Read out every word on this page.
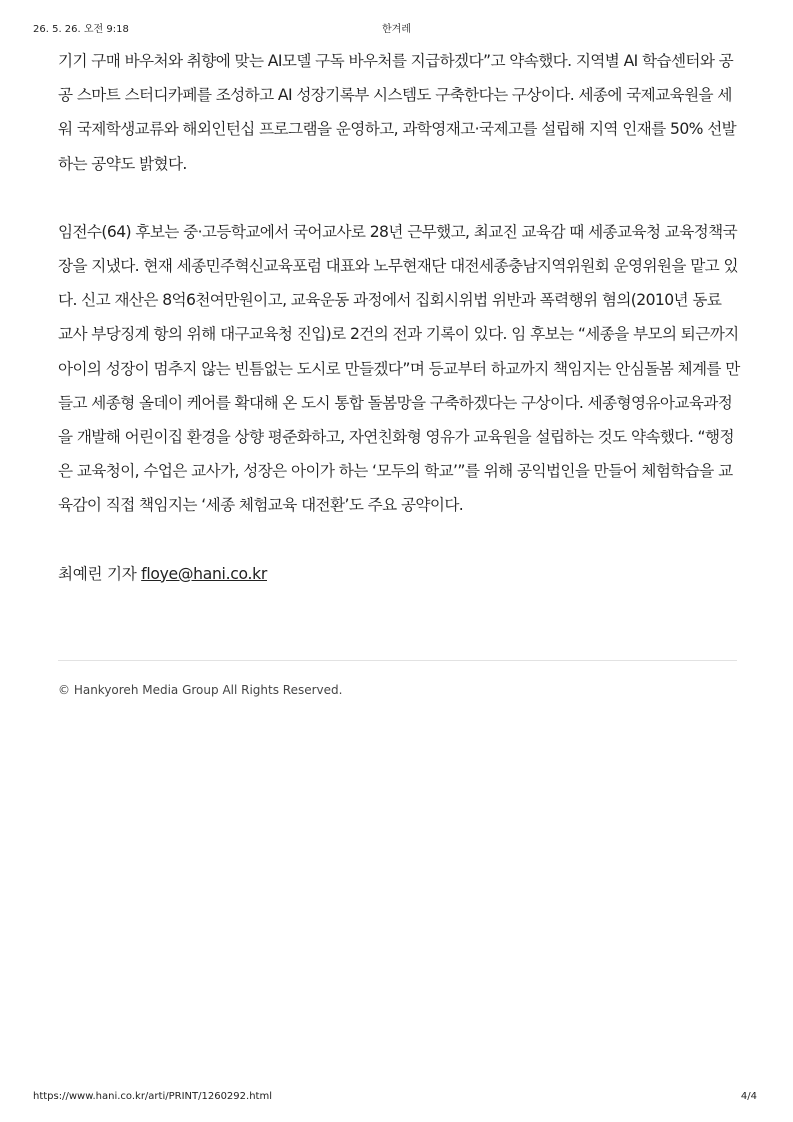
26. 5. 26. 오전 9:18	한겨레

기기 구매 바우처와 취향에 맞는 AI모델 구독 바우처를 지급하겠다”고 약속했다. 지역별 AI 학습센터와 공공 스마트 스터디카페를 조성하고 AI 성장기록부 시스템도 구축한다는 구상이다. 세종에 국제교육원을 세워 국제학생교류와 해외인턴십 프로그램을 운영하고, 과학영재고·국제고를 설립해 지역 인재를 50% 선발하는 공약도 밝혔다.

임전수(64) 후보는 중·고등학교에서 국어교사로 28년 근무했고, 최교진 교육감 때 세종교육청 교육정책국장을 지냈다. 현재 세종민주혁신교육포럼 대표와 노무현재단 대전세종충남지역위원회 운영위원을 맡고 있다. 신고 재산은 8억6천여만원이고, 교육운동 과정에서 집회시위법 위반과 폭력행위 혐의(2010년 동료 교사 부당징계 항의 위해 대구교육청 진입)로 2건의 전과 기록이 있다. 임 후보는 “세종을 부모의 퇴근까지 아이의 성장이 멈추지 않는 빈틈없는 도시로 만들겠다”며 등교부터 하교까지 책임지는 안심돌봄 체계를 만들고 세종형 올데이 케어를 확대해 온 도시 통합 돌봄망을 구축하겠다는 구상이다. 세종형영유아교육과정을 개발해 어린이집 환경을 상향 평준화하고, 자연친화형 영유가 교육원을 설립하는 것도 약속했다. “행정은 교육청이, 수업은 교사가, 성장은 아이가 하는 ‘모두의 학교’”를 위해 공익법인을 만들어 체험학습을 교육감이 직접 책임지는 ‘세종 체험교육 대전환’도 주요 공약이다.

최예린 기자 floye@hani.co.kr
© Hankyoreh Media Group All Rights Reserved.
https://www.hani.co.kr/arti/PRINT/1260292.html	4/4
